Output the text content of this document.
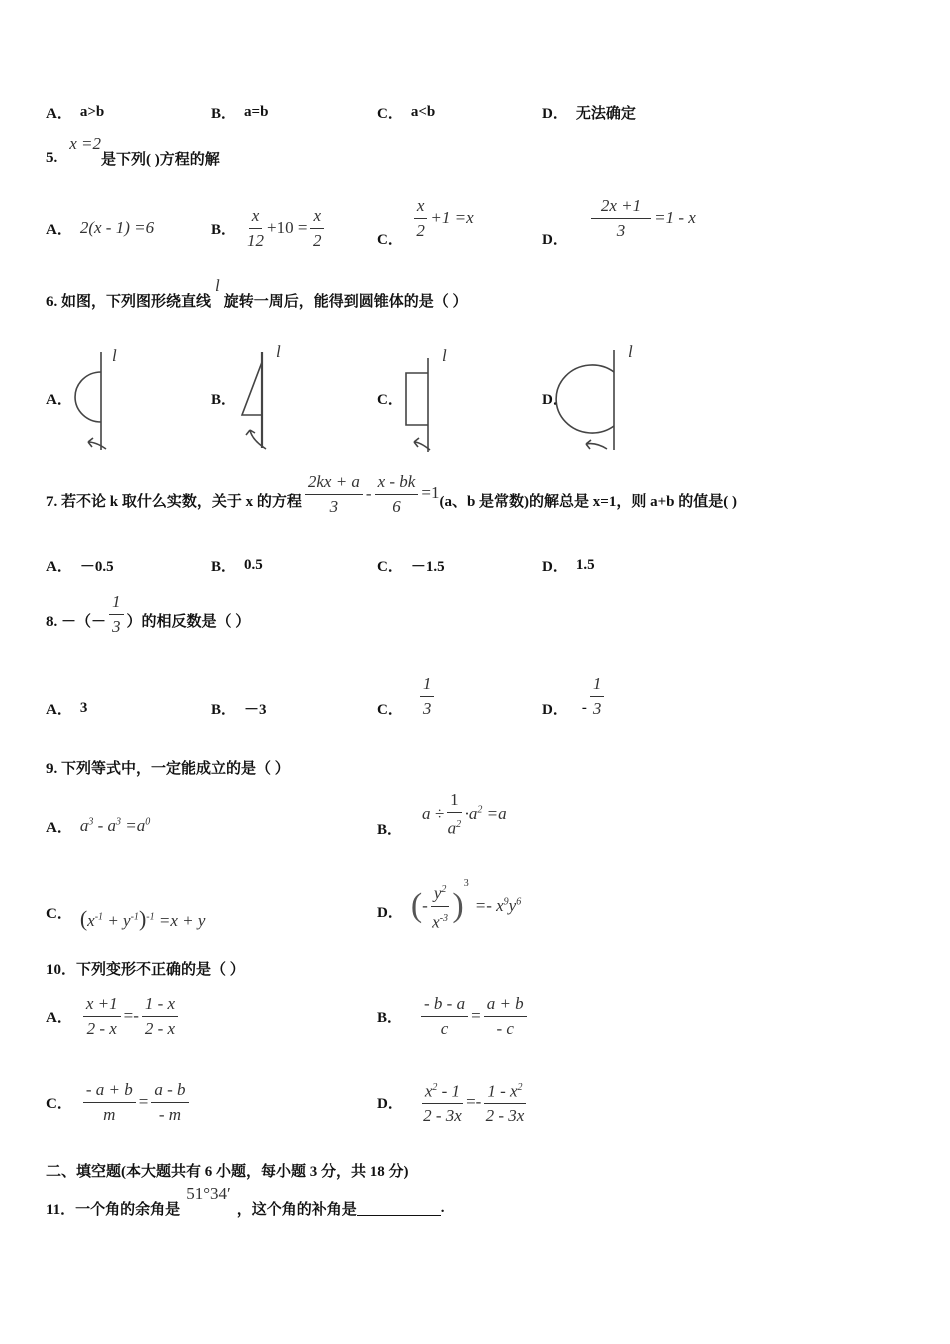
A． a>b	B． a=b	C． a<b	D． 无法确定
5.
x =2
是下列( )方程的解
A． 2(x - 1) =6	B． $\frac{x}{12} +10 = \frac{x}{2}$	C． $\frac{x}{2} +1 =x$
D． $\frac{2x +1}{3} =1 - x$
6. 如图，下列图形绕直线
l
旋转一周后，能得到圆锥体的是（ ）
A．	B．	C．	D．
l	l	l	l
7. 若不论 k 取什么实数，关于 x 的方程 $\frac{2kx + a}{3} - \frac{x - bk}{6} =1$ (a、b 是常数)的解总是 x=1，则 a+b 的值是( )
A． －0.5	B． 0.5	C． －1.5	D． 1.5
8. －（－ $\frac{1}{3}$ ）的相反数是（ ）
A． 3	B． －3	C． $\frac{1}{3}$	D． - $\frac{1}{3}$
9. 下列等式中，一定能成立的是（ ）
A． $a^3 - a^3 =a^0$	B．
$a \div \frac{1}{a^2} \cdot a^2 =a$
C． $(x^{-1} + y^{-1})^{-1} =x + y$	D． ( - $\frac{y^2}{x^{-3}}$ )
$^3$
=- $x^9y^6$
10．下列变形不正确的是（ ）
A． $\frac{x +1}{2 - x} =- \frac{1 - x}{2 - x}$	B． $\frac{- b - a}{c} = \frac{a + b}{- c}$
C． $\frac{- a + b}{m} = \frac{a - b}{- m}$	D． $\frac{x^2 - 1}{2 - 3x} =- \frac{1 - x^2}{2 - 3x}$
二、填空题(本大题共有 6 小题，每小题 3 分，共 18 分)
11．一个角的余角是
51°34′
，这个角的补角是	.
